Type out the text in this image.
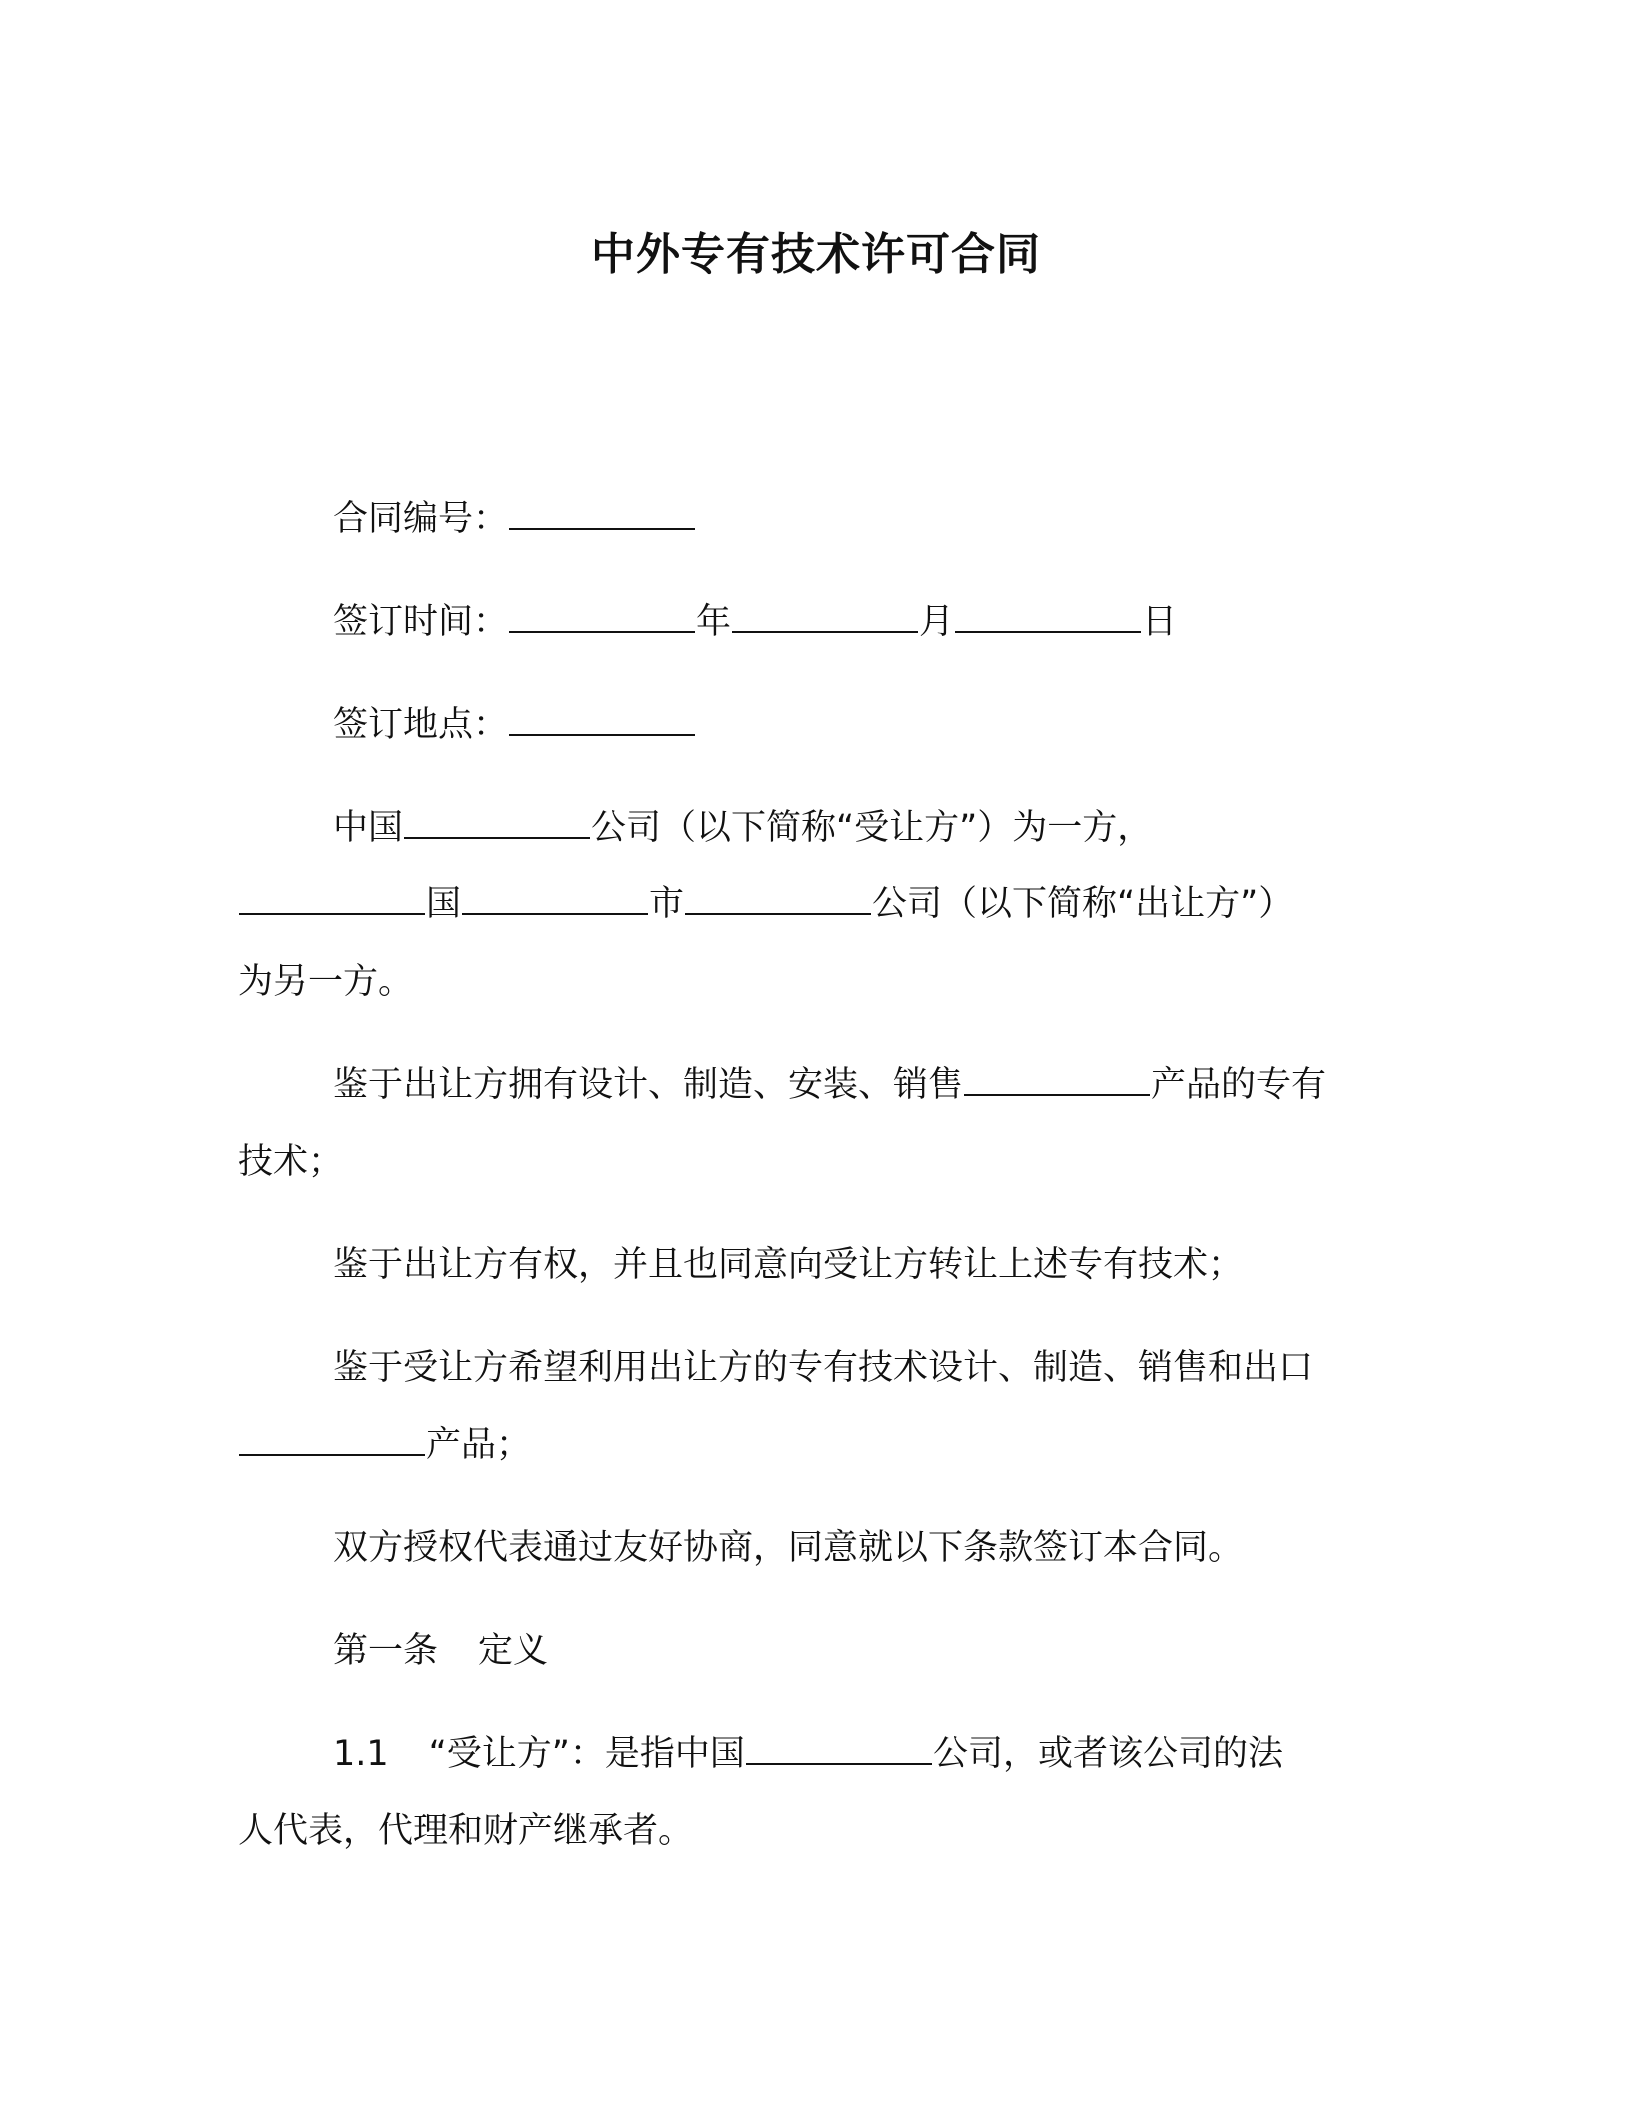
中外专有技术许可合同
合同编号：
签订时间：	年	月	日
签订地点：
中国	公司（以下简称“受让方”）为一方，
国	市	公司（以下简称“出让方”）
为另一方。
鉴于出让方拥有设计、制造、安装、销售	产品的专有
技术；
鉴于出让方有权，并且也同意向受让方转让上述专有技术；
鉴于受让方希望利用出让方的专有技术设计、制造、销售和出口
产品；
双方授权代表通过友好协商，同意就以下条款签订本合同。
第一条 定义
1.1 “受让方”：是指中国	公司，或者该公司的法
人代表，代理和财产继承者。
